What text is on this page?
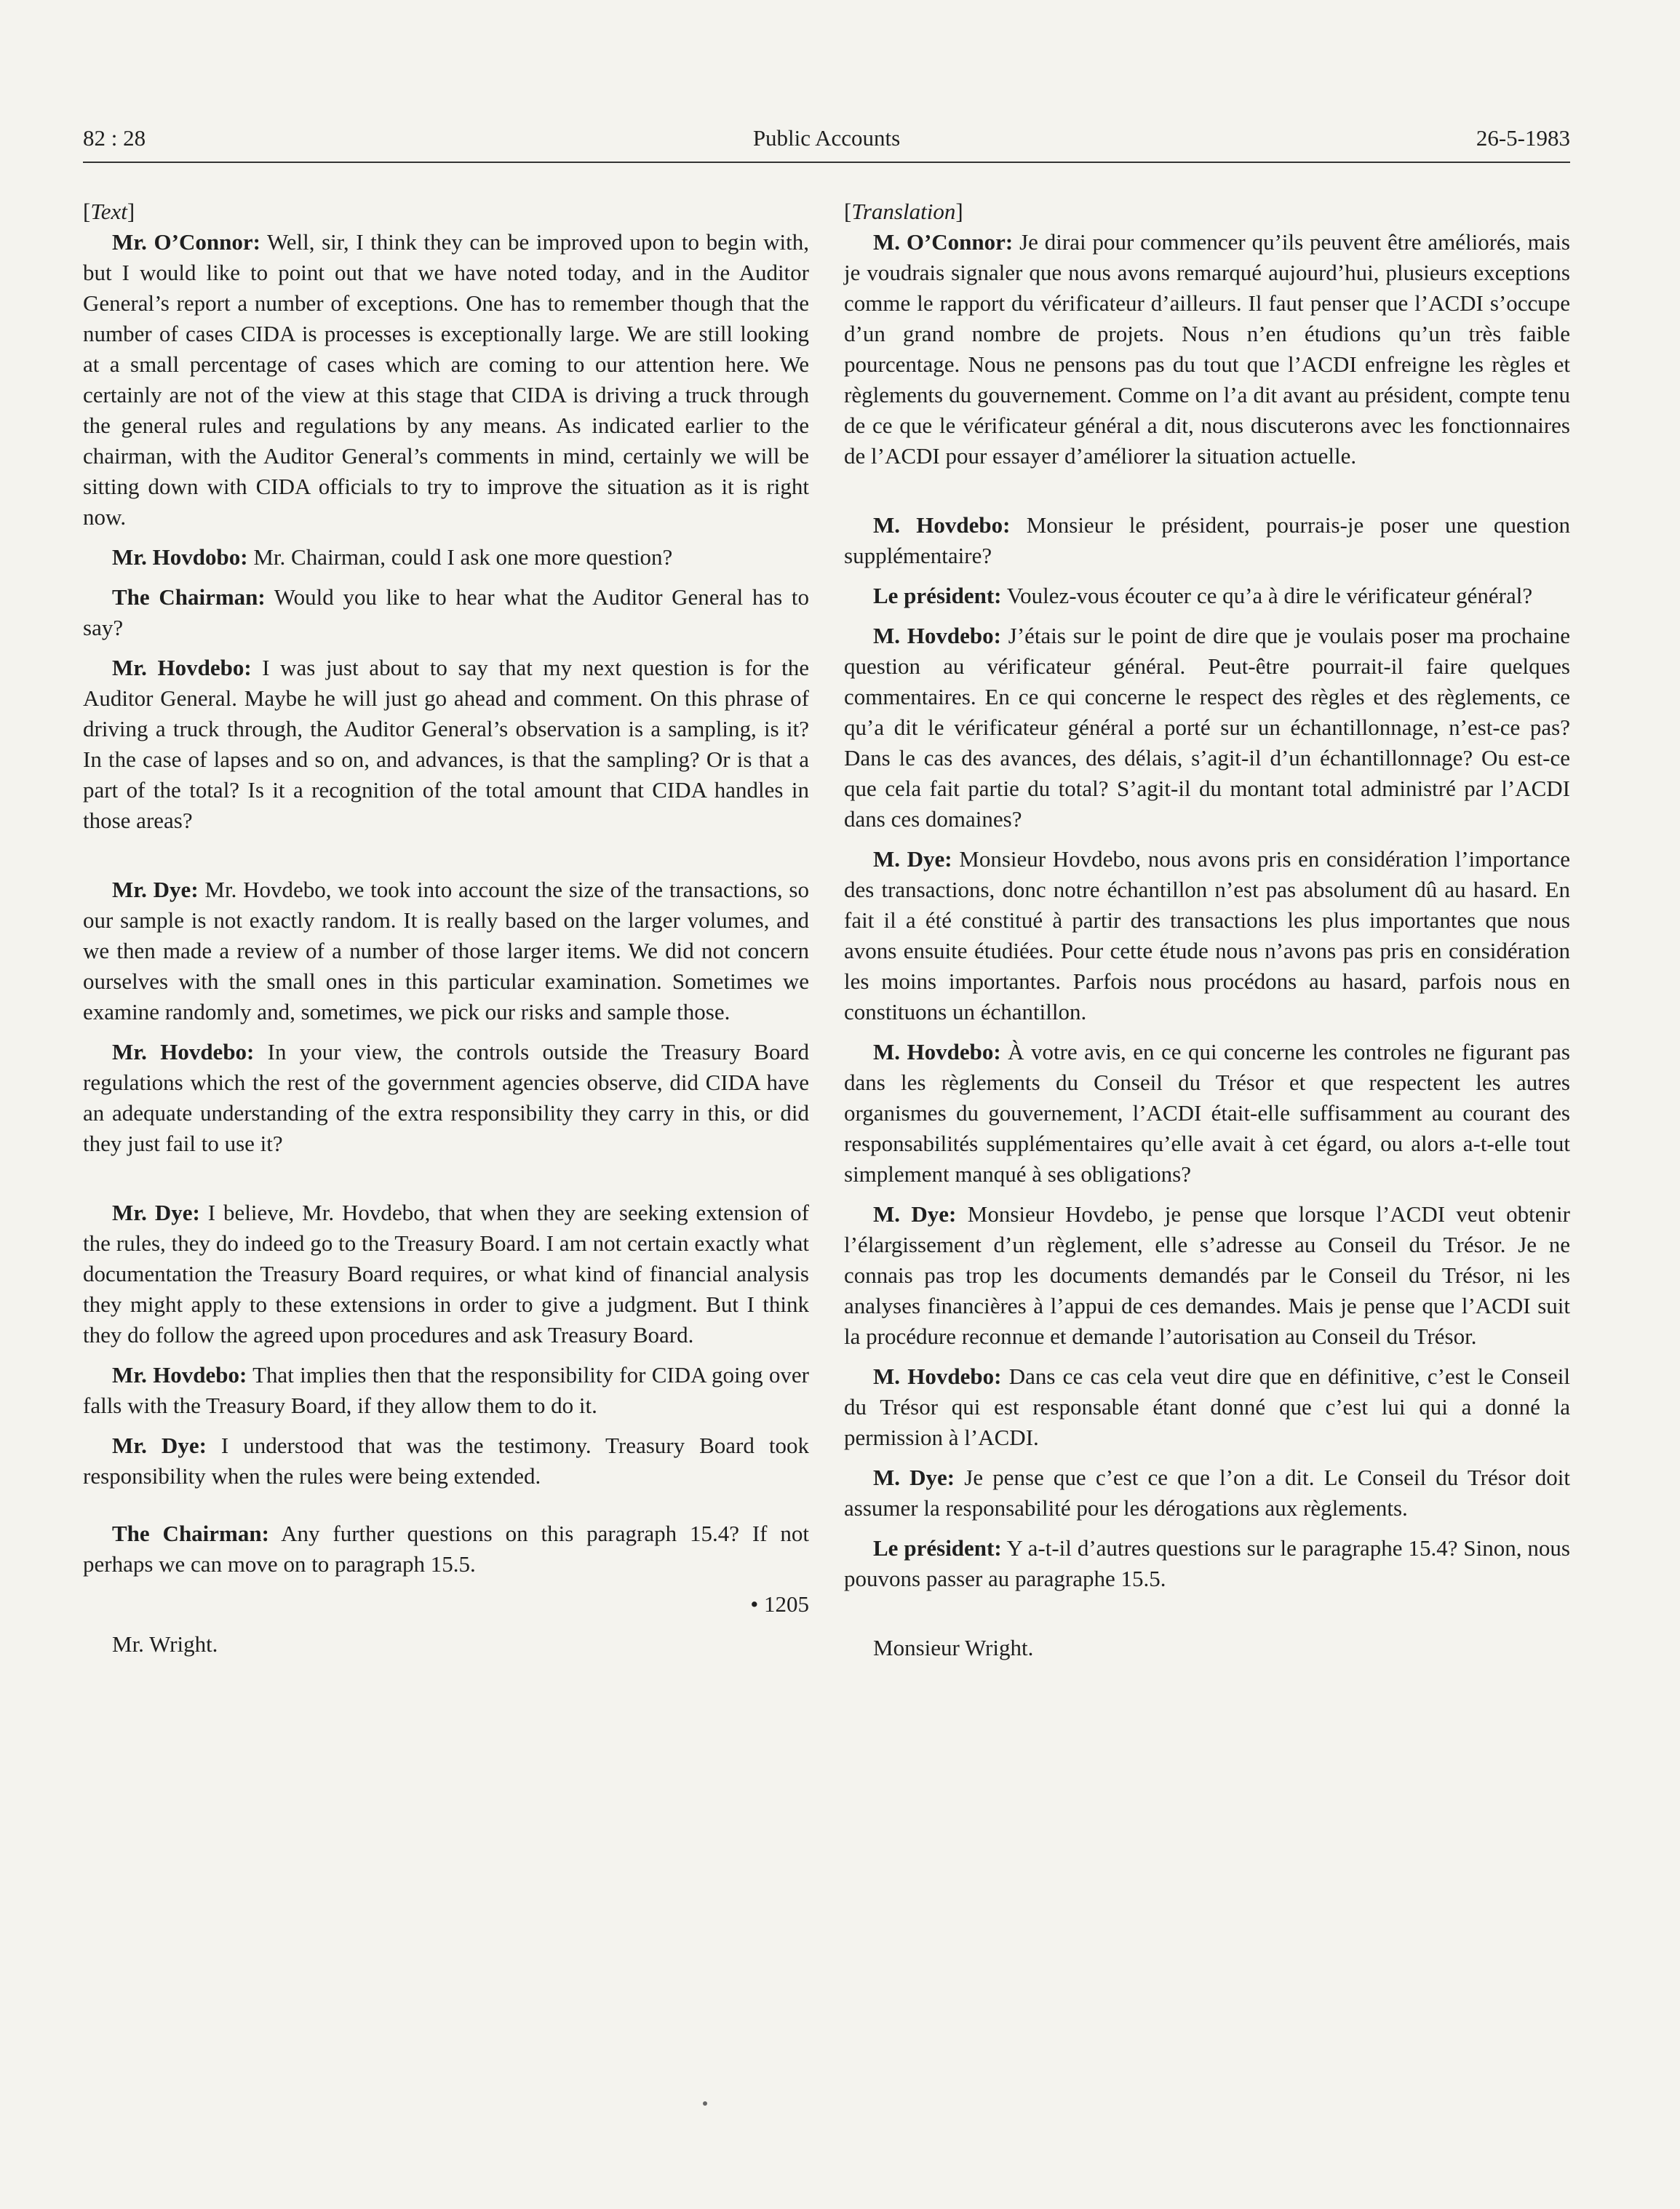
82 : 28	Public Accounts	26-5-1983

[Text]

Mr. O’Connor: Well, sir, I think they can be improved upon to begin with, but I would like to point out that we have noted today, and in the Auditor General’s report a number of exceptions. One has to remember though that the number of cases CIDA is processes is exceptionally large. We are still looking at a small percentage of cases which are coming to our attention here. We certainly are not of the view at this stage that CIDA is driving a truck through the general rules and regulations by any means. As indicated earlier to the chairman, with the Auditor General’s comments in mind, certainly we will be sitting down with CIDA officials to try to improve the situation as it is right now.

Mr. Hovdobo: Mr. Chairman, could I ask one more question?

The Chairman: Would you like to hear what the Auditor General has to say?

Mr. Hovdebo: I was just about to say that my next question is for the Auditor General. Maybe he will just go ahead and comment. On this phrase of driving a truck through, the Auditor General’s observation is a sampling, is it? In the case of lapses and so on, and advances, is that the sampling? Or is that a part of the total? Is it a recognition of the total amount that CIDA handles in those areas?

Mr. Dye: Mr. Hovdebo, we took into account the size of the transactions, so our sample is not exactly random. It is really based on the larger volumes, and we then made a review of a number of those larger items. We did not concern ourselves with the small ones in this particular examination. Sometimes we examine randomly and, sometimes, we pick our risks and sample those.

Mr. Hovdebo: In your view, the controls outside the Treasury Board regulations which the rest of the government agencies observe, did CIDA have an adequate understanding of the extra responsibility they carry in this, or did they just fail to use it?

Mr. Dye: I believe, Mr. Hovdebo, that when they are seeking extension of the rules, they do indeed go to the Treasury Board. I am not certain exactly what documentation the Treasury Board requires, or what kind of financial analysis they might apply to these extensions in order to give a judgment. But I think they do follow the agreed upon procedures and ask Treasury Board.

Mr. Hovdebo: That implies then that the responsibility for CIDA going over falls with the Treasury Board, if they allow them to do it.

Mr. Dye: I understood that was the testimony. Treasury Board took responsibility when the rules were being extended.

The Chairman: Any further questions on this paragraph 15.4? If not perhaps we can move on to paragraph 15.5.

• 1205

Mr. Wright.

[Translation]

M. O’Connor: Je dirai pour commencer qu’ils peuvent être améliorés, mais je voudrais signaler que nous avons remarqué aujourd’hui, plusieurs exceptions comme le rapport du vérificateur d’ailleurs. Il faut penser que l’ACDI s’occupe d’un grand nombre de projets. Nous n’en étudions qu’un très faible pourcentage. Nous ne pensons pas du tout que l’ACDI enfreigne les règles et règlements du gouvernement. Comme on l’a dit avant au président, compte tenu de ce que le vérificateur général a dit, nous discuterons avec les fonctionnaires de l’ACDI pour essayer d’améliorer la situation actuelle.

M. Hovdebo: Monsieur le président, pourrais-je poser une question supplémentaire?

Le président: Voulez-vous écouter ce qu’a à dire le vérificateur général?

M. Hovdebo: J’étais sur le point de dire que je voulais poser ma prochaine question au vérificateur général. Peut-être pourrait-il faire quelques commentaires. En ce qui concerne le respect des règles et des règlements, ce qu’a dit le vérificateur général a porté sur un échantillonnage, n’est-ce pas? Dans le cas des avances, des délais, s’agit-il d’un échantillonnage? Ou est-ce que cela fait partie du total? S’agit-il du montant total administré par l’ACDI dans ces domaines?

M. Dye: Monsieur Hovdebo, nous avons pris en considération l’importance des transactions, donc notre échantillon n’est pas absolument dû au hasard. En fait il a été constitué à partir des transactions les plus importantes que nous avons ensuite étudiées. Pour cette étude nous n’avons pas pris en considération les moins importantes. Parfois nous procédons au hasard, parfois nous en constituons un échantillon.

M. Hovdebo: À votre avis, en ce qui concerne les controles ne figurant pas dans les règlements du Conseil du Trésor et que respectent les autres organismes du gouvernement, l’ACDI était-elle suffisamment au courant des responsabilités supplémentaires qu’elle avait à cet égard, ou alors a-t-elle tout simplement manqué à ses obligations?

M. Dye: Monsieur Hovdebo, je pense que lorsque l’ACDI veut obtenir l’élargissement d’un règlement, elle s’adresse au Conseil du Trésor. Je ne connais pas trop les documents demandés par le Conseil du Trésor, ni les analyses financières à l’appui de ces demandes. Mais je pense que l’ACDI suit la procédure reconnue et demande l’autorisation au Conseil du Trésor.

M. Hovdebo: Dans ce cas cela veut dire que en définitive, c’est le Conseil du Trésor qui est responsable étant donné que c’est lui qui a donné la permission à l’ACDI.

M. Dye: Je pense que c’est ce que l’on a dit. Le Conseil du Trésor doit assumer la responsabilité pour les dérogations aux règlements.

Le président: Y a-t-il d’autres questions sur le paragraphe 15.4? Sinon, nous pouvons passer au paragraphe 15.5.

Monsieur Wright.
